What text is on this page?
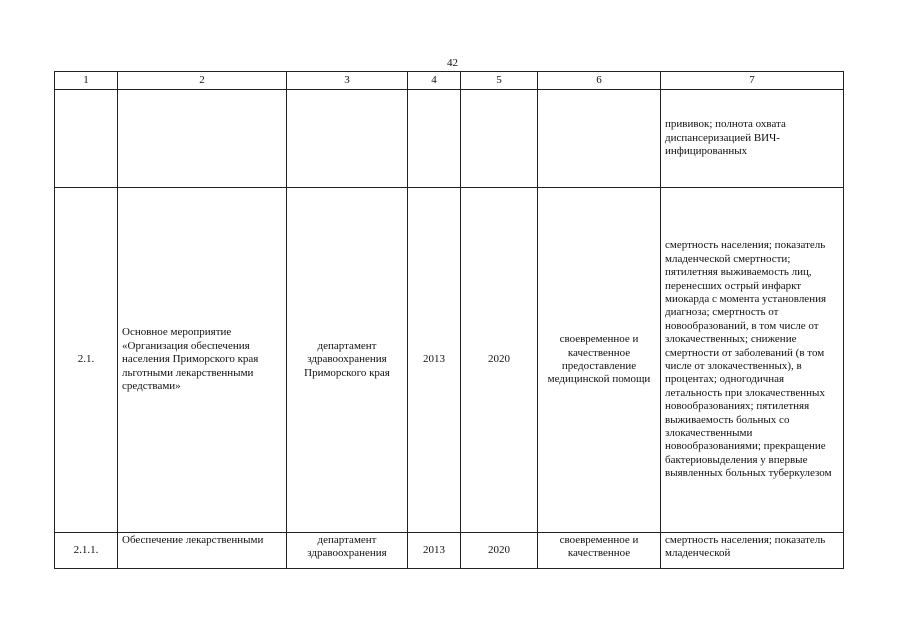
42
1	2	3	4	5	6	7
						прививок; полнота охвата диспансеризацией ВИЧ-инфицированных
2.1.	Основное мероприятие «Организация обеспечения населения Приморского края льготными лекарственными средствами»	департамент здравоохранения Приморского края	2013	2020	своевременное и качественное предоставление медицинской помощи	смертность населения; показатель младенческой смертности; пятилетняя выживаемость лиц, перенесших острый инфаркт миокарда с момента установления диагноза; смертность от новообразований, в том числе от злокачественных; снижение смертности от заболеваний (в том числе от злокачественных), в процентах; одногодичная летальность при злокачественных новообразованиях; пятилетняя выживаемость больных со злокачественными новообразованиями; прекращение бактериовыделения у впервые выявленных больных туберкулезом
2.1.1.	Обеспечение лекарственными	департамент здравоохранения	2013	2020	своевременное и качественное	смертность населения; показатель младенческой
